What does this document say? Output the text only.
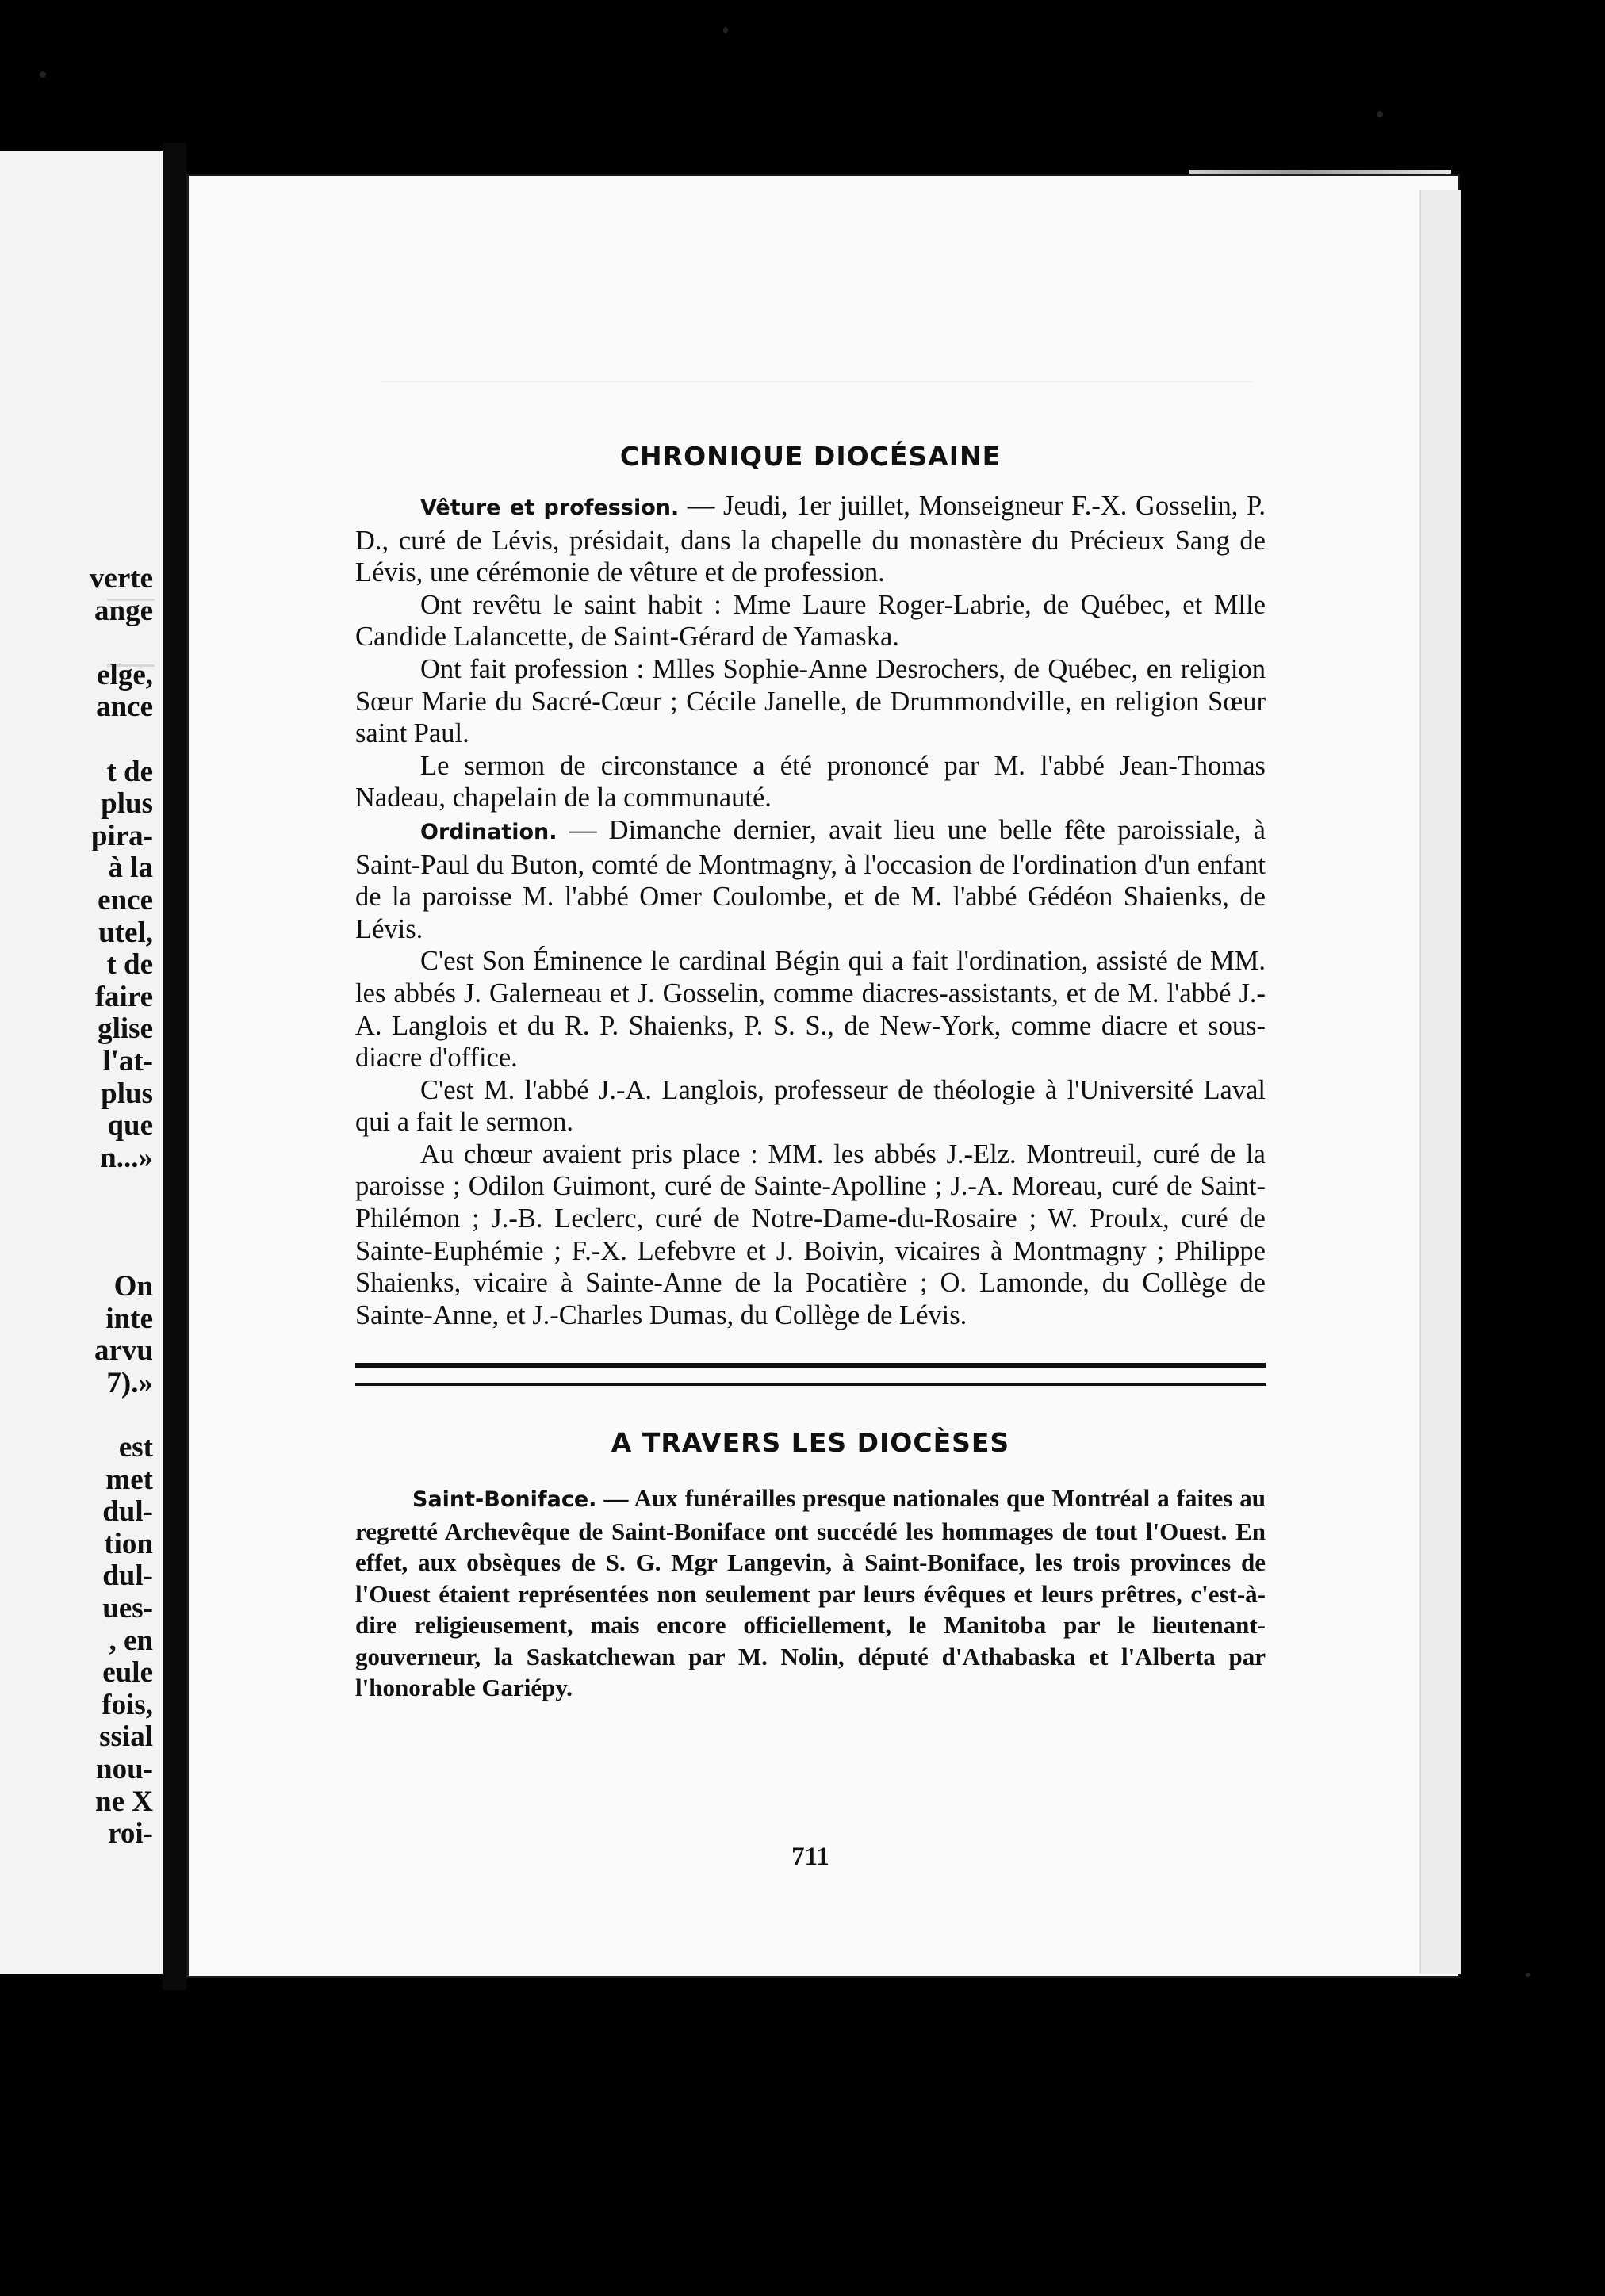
verte
ange
elge,
ance
t de
plus
pira-
à la
ence
utel,
t de
faire
glise
l'at-
plus
que
n...»
On
inte
arvu
7).»
est
met
dul-
tion
dul-
ues-
, en
eule
fois,
ssial
nou-
ne X
roi-
CHRONIQUE DIOCÉSAINE

Vêture et profession. — Jeudi, 1er juillet, Monseigneur F.-X. Gosselin, P. D., curé de Lévis, présidait, dans la chapelle du monastère du Précieux Sang de Lévis, une cérémonie de vêture et de profession.

Ont revêtu le saint habit : Mme Laure Roger-Labrie, de Québec, et Mlle Candide Lalancette, de Saint-Gérard de Yamaska.

Ont fait profession : Mlles Sophie-Anne Desrochers, de Québec, en religion Sœur Marie du Sacré-Cœur ; Cécile Janelle, de Drummondville, en religion Sœur saint Paul.

Le sermon de circonstance a été prononcé par M. l'abbé Jean-Thomas Nadeau, chapelain de la communauté.

Ordination. — Dimanche dernier, avait lieu une belle fête paroissiale, à Saint-Paul du Buton, comté de Montmagny, à l'occasion de l'ordination d'un enfant de la paroisse M. l'abbé Omer Coulombe, et de M. l'abbé Gédéon Shaienks, de Lévis.

C'est Son Éminence le cardinal Bégin qui a fait l'ordination, assisté de MM. les abbés J. Galerneau et J. Gosselin, comme diacres-assistants, et de M. l'abbé J.-A. Langlois et du R. P. Shaienks, P. S. S., de New-York, comme diacre et sous-diacre d'office.

C'est M. l'abbé J.-A. Langlois, professeur de théologie à l'Université Laval qui a fait le sermon.

Au chœur avaient pris place : MM. les abbés J.-Elz. Montreuil, curé de la paroisse ; Odilon Guimont, curé de Sainte-Apolline ; J.-A. Moreau, curé de Saint-Philémon ; J.-B. Leclerc, curé de Notre-Dame-du-Rosaire ; W. Proulx, curé de Sainte-Euphémie ; F.-X. Lefebvre et J. Boivin, vicaires à Montmagny ; Philippe Shaienks, vicaire à Sainte-Anne de la Pocatière ; O. Lamonde, du Collège de Sainte-Anne, et J.-Charles Dumas, du Collège de Lévis.

A TRAVERS LES DIOCÈSES

Saint-Boniface. — Aux funérailles presque nationales que Montréal a faites au regretté Archevêque de Saint-Boniface ont succédé les hommages de tout l'Ouest. En effet, aux obsèques de S. G. Mgr Langevin, à Saint-Boniface, les trois provinces de l'Ouest étaient représentées non seulement par leurs évêques et leurs prêtres, c'est-à-dire religieusement, mais encore officiellement, le Manitoba par le lieutenant-gouverneur, la Saskatchewan par M. Nolin, député d'Athabaska et l'Alberta par l'honorable Gariépy.

711
